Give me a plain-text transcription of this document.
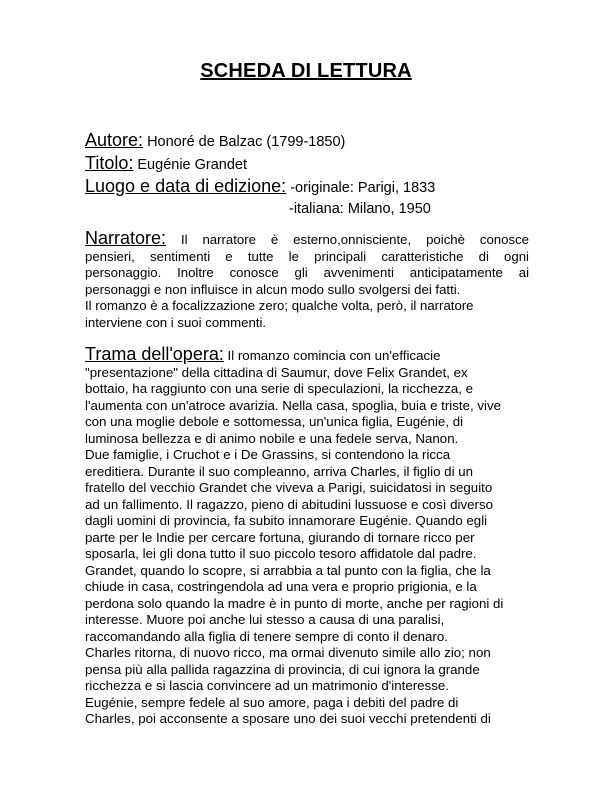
SCHEDA DI LETTURA
Autore: Honoré de Balzac (1799-1850)
Titolo: Eugénie Grandet
Luogo e data di edizione: -originale: Parigi, 1833
-italiana: Milano, 1950
Narratore: Il narratore è esterno,onnisciente, poichè conosce
pensieri, sentimenti e tutte le principali caratteristiche di ogni
personaggio. Inoltre conosce gli avvenimenti anticipatamente ai
personaggi e non influisce in alcun modo sullo svolgersi dei fatti.
Il romanzo è a focalizzazione zero; qualche volta, però, il narratore
interviene con i suoi commenti.
Trama dell'opera: Il romanzo comincia con un'efficacie
"presentazione" della cittadina di Saumur, dove Felix Grandet, ex
bottaio, ha raggiunto con una serie di speculazioni, la ricchezza, e
l'aumenta con un'atroce avarizia. Nella casa, spoglia, buia e triste, vive
con una moglie debole e sottomessa, un'unica figlia, Eugénie, di
luminosa bellezza e di animo nobile e una fedele serva, Nanon.
Due famiglie, i Cruchot e i De Grassins, si contendono la ricca
ereditiera. Durante il suo compleanno, arriva Charles, il figlio di un
fratello del vecchio Grandet che viveva a Parigi, suicidatosi in seguito
ad un fallimento. Il ragazzo, pieno di abitudini lussuose e così diverso
dagli uomini di provincia, fa subito innamorare Eugénie. Quando egli
parte per le Indie per cercare fortuna, giurando di tornare ricco per
sposarla, lei gli dona tutto il suo piccolo tesoro affidatole dal padre.
Grandet, quando lo scopre, si arrabbia a tal punto con la figlia, che la
chiude in casa, costringendola ad una vera e proprio prigionia, e la
perdona solo quando la madre è in punto di morte, anche per ragioni di
interesse. Muore poi anche lui stesso a causa di una paralisi,
raccomandando alla figlia di tenere sempre di conto il denaro.
Charles ritorna, di nuovo ricco, ma ormai divenuto simile allo zio; non
pensa più alla pallida ragazzina di provincia, di cui ignora la grande
ricchezza e si lascia convincere ad un matrimonio d'interesse.
Eugénie, sempre fedele al suo amore, paga i debiti del padre di
Charles, poi acconsente a sposare uno dei suoi vecchi pretendenti di
